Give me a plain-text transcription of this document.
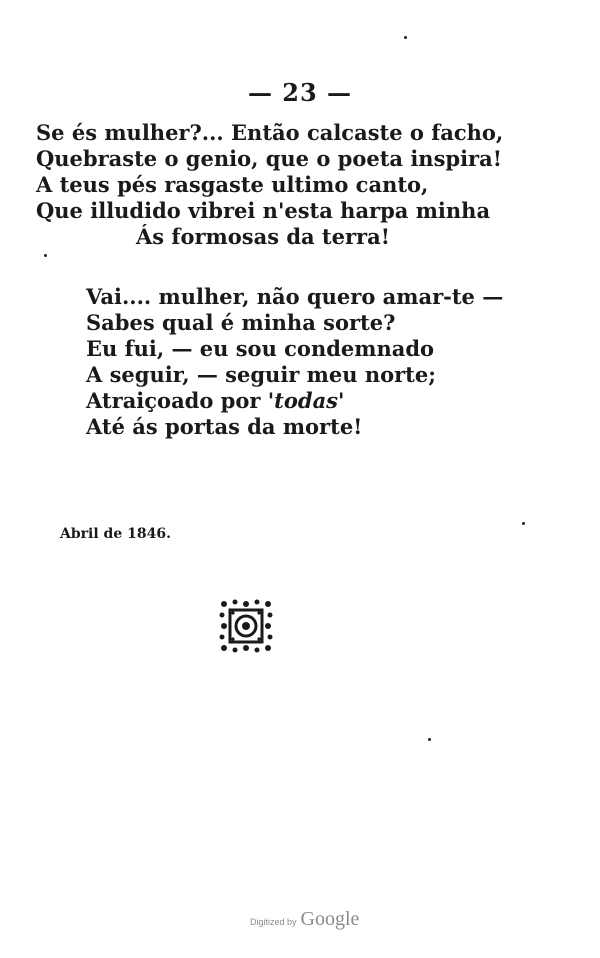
— 23 —
Se és mulher?... Então calcaste o facho,
Quebraste o genio, que o poeta inspira!
A teus pés rasgaste ultimo canto,
Que illudido vibrei n'esta harpa minha
Ás formosas da terra!
Vai.... mulher, não quero amar-te —
Sabes qual é minha sorte?
Eu fui, — eu sou condemnado
A seguir, — seguir meu norte;
Atraiçoado por 'todas'
Até ás portas da morte!
Abril de 1846.
Digitized by Google
